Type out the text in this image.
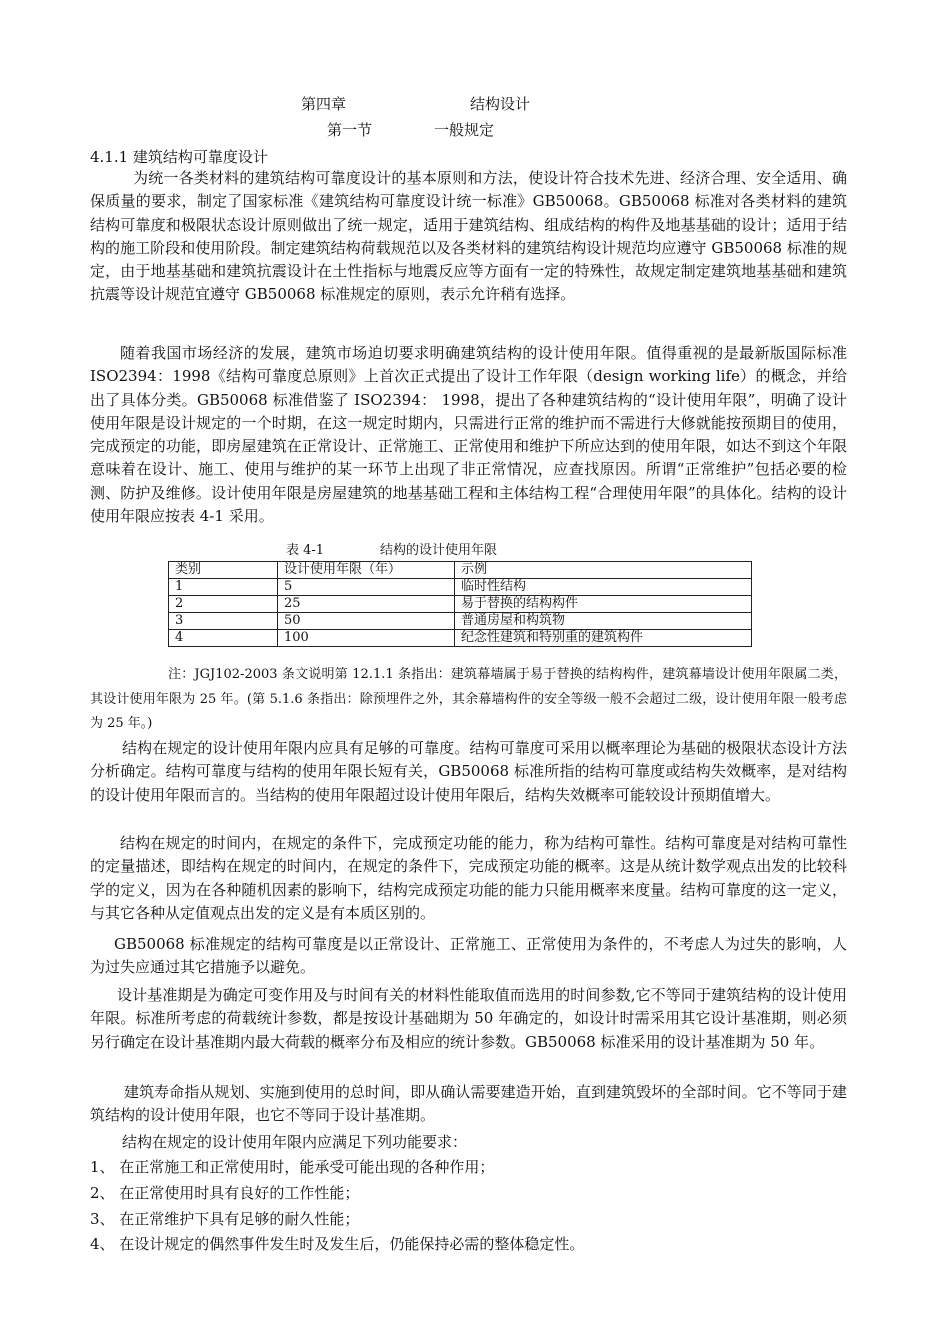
第四章	结构设计
第一节	一般规定
4.1.1 建筑结构可靠度设计

为统一各类材料的建筑结构可靠度设计的基本原则和方法，使设计符合技术先进、经济合理、安全适用、确保质量的要求，制定了国家标准《建筑结构可靠度设计统一标准》GB50068。GB50068 标准对各类材料的建筑结构可靠度和极限状态设计原则做出了统一规定，适用于建筑结构、组成结构的构件及地基基础的设计；适用于结构的施工阶段和使用阶段。制定建筑结构荷载规范以及各类材料的建筑结构设计规范均应遵守 GB50068 标准的规定，由于地基基础和建筑抗震设计在土性指标与地震反应等方面有一定的特殊性，故规定制定建筑地基基础和建筑抗震等设计规范宜遵守 GB50068 标准规定的原则，表示允许稍有选择。

随着我国市场经济的发展，建筑市场迫切要求明确建筑结构的设计使用年限。值得重视的是最新版国际标准 ISO2394：1998《结构可靠度总原则》上首次正式提出了设计工作年限（design working life）的概念，并给出了具体分类。GB50068 标准借鉴了 ISO2394： 1998，提出了各种建筑结构的“设计使用年限”，明确了设计使用年限是设计规定的一个时期，在这一规定时期内，只需进行正常的维护而不需进行大修就能按预期目的使用，完成预定的功能，即房屋建筑在正常设计、正常施工、正常使用和维护下所应达到的使用年限，如达不到这个年限意味着在设计、施工、使用与维护的某一环节上出现了非正常情况，应查找原因。所谓“正常维护”包括必要的检测、防护及维修。设计使用年限是房屋建筑的地基基础工程和主体结构工程“合理使用年限”的具体化。结构的设计使用年限应按表 4-1 采用。

表 4-1	结构的设计使用年限
类别	设计使用年限（年）	示例
1	5	临时性结构
2	25	易于替换的结构构件
3	50	普通房屋和构筑物
4	100	纪念性建筑和特别重的建筑构件

注：JGJ102-2003 条文说明第 12.1.1 条指出：建筑幕墙属于易于替换的结构构件，建筑幕墙设计使用年限属二类，其设计使用年限为 25 年。(第 5.1.6 条指出：除预埋件之外，其余幕墙构件的安全等级一般不会超过二级，设计使用年限一般考虑为 25 年。)

结构在规定的设计使用年限内应具有足够的可靠度。结构可靠度可采用以概率理论为基础的极限状态设计方法分析确定。结构可靠度与结构的使用年限长短有关，GB50068 标准所指的结构可靠度或结构失效概率，是对结构的设计使用年限而言的。当结构的使用年限超过设计使用年限后，结构失效概率可能较设计预期值增大。

结构在规定的时间内，在规定的条件下，完成预定功能的能力，称为结构可靠性。结构可靠度是对结构可靠性的定量描述，即结构在规定的时间内，在规定的条件下，完成预定功能的概率。这是从统计数学观点出发的比较科学的定义，因为在各种随机因素的影响下，结构完成预定功能的能力只能用概率来度量。结构可靠度的这一定义，与其它各种从定值观点出发的定义是有本质区别的。

GB50068 标准规定的结构可靠度是以正常设计、正常施工、正常使用为条件的，不考虑人为过失的影响，人为过失应通过其它措施予以避免。

设计基准期是为确定可变作用及与时间有关的材料性能取值而选用的时间参数,它不等同于建筑结构的设计使用年限。标准所考虑的荷载统计参数，都是按设计基础期为 50 年确定的，如设计时需采用其它设计基准期，则必须另行确定在设计基准期内最大荷载的概率分布及相应的统计参数。GB50068 标准采用的设计基准期为 50 年。

建筑寿命指从规划、实施到使用的总时间，即从确认需要建造开始，直到建筑毁坏的全部时间。它不等同于建筑结构的设计使用年限，也它不等同于设计基准期。

结构在规定的设计使用年限内应满足下列功能要求：

1、 在正常施工和正常使用时，能承受可能出现的各种作用；
2、 在正常使用时具有良好的工作性能；
3、 在正常维护下具有足够的耐久性能；
4、 在设计规定的偶然事件发生时及发生后，仍能保持必需的整体稳定性。
